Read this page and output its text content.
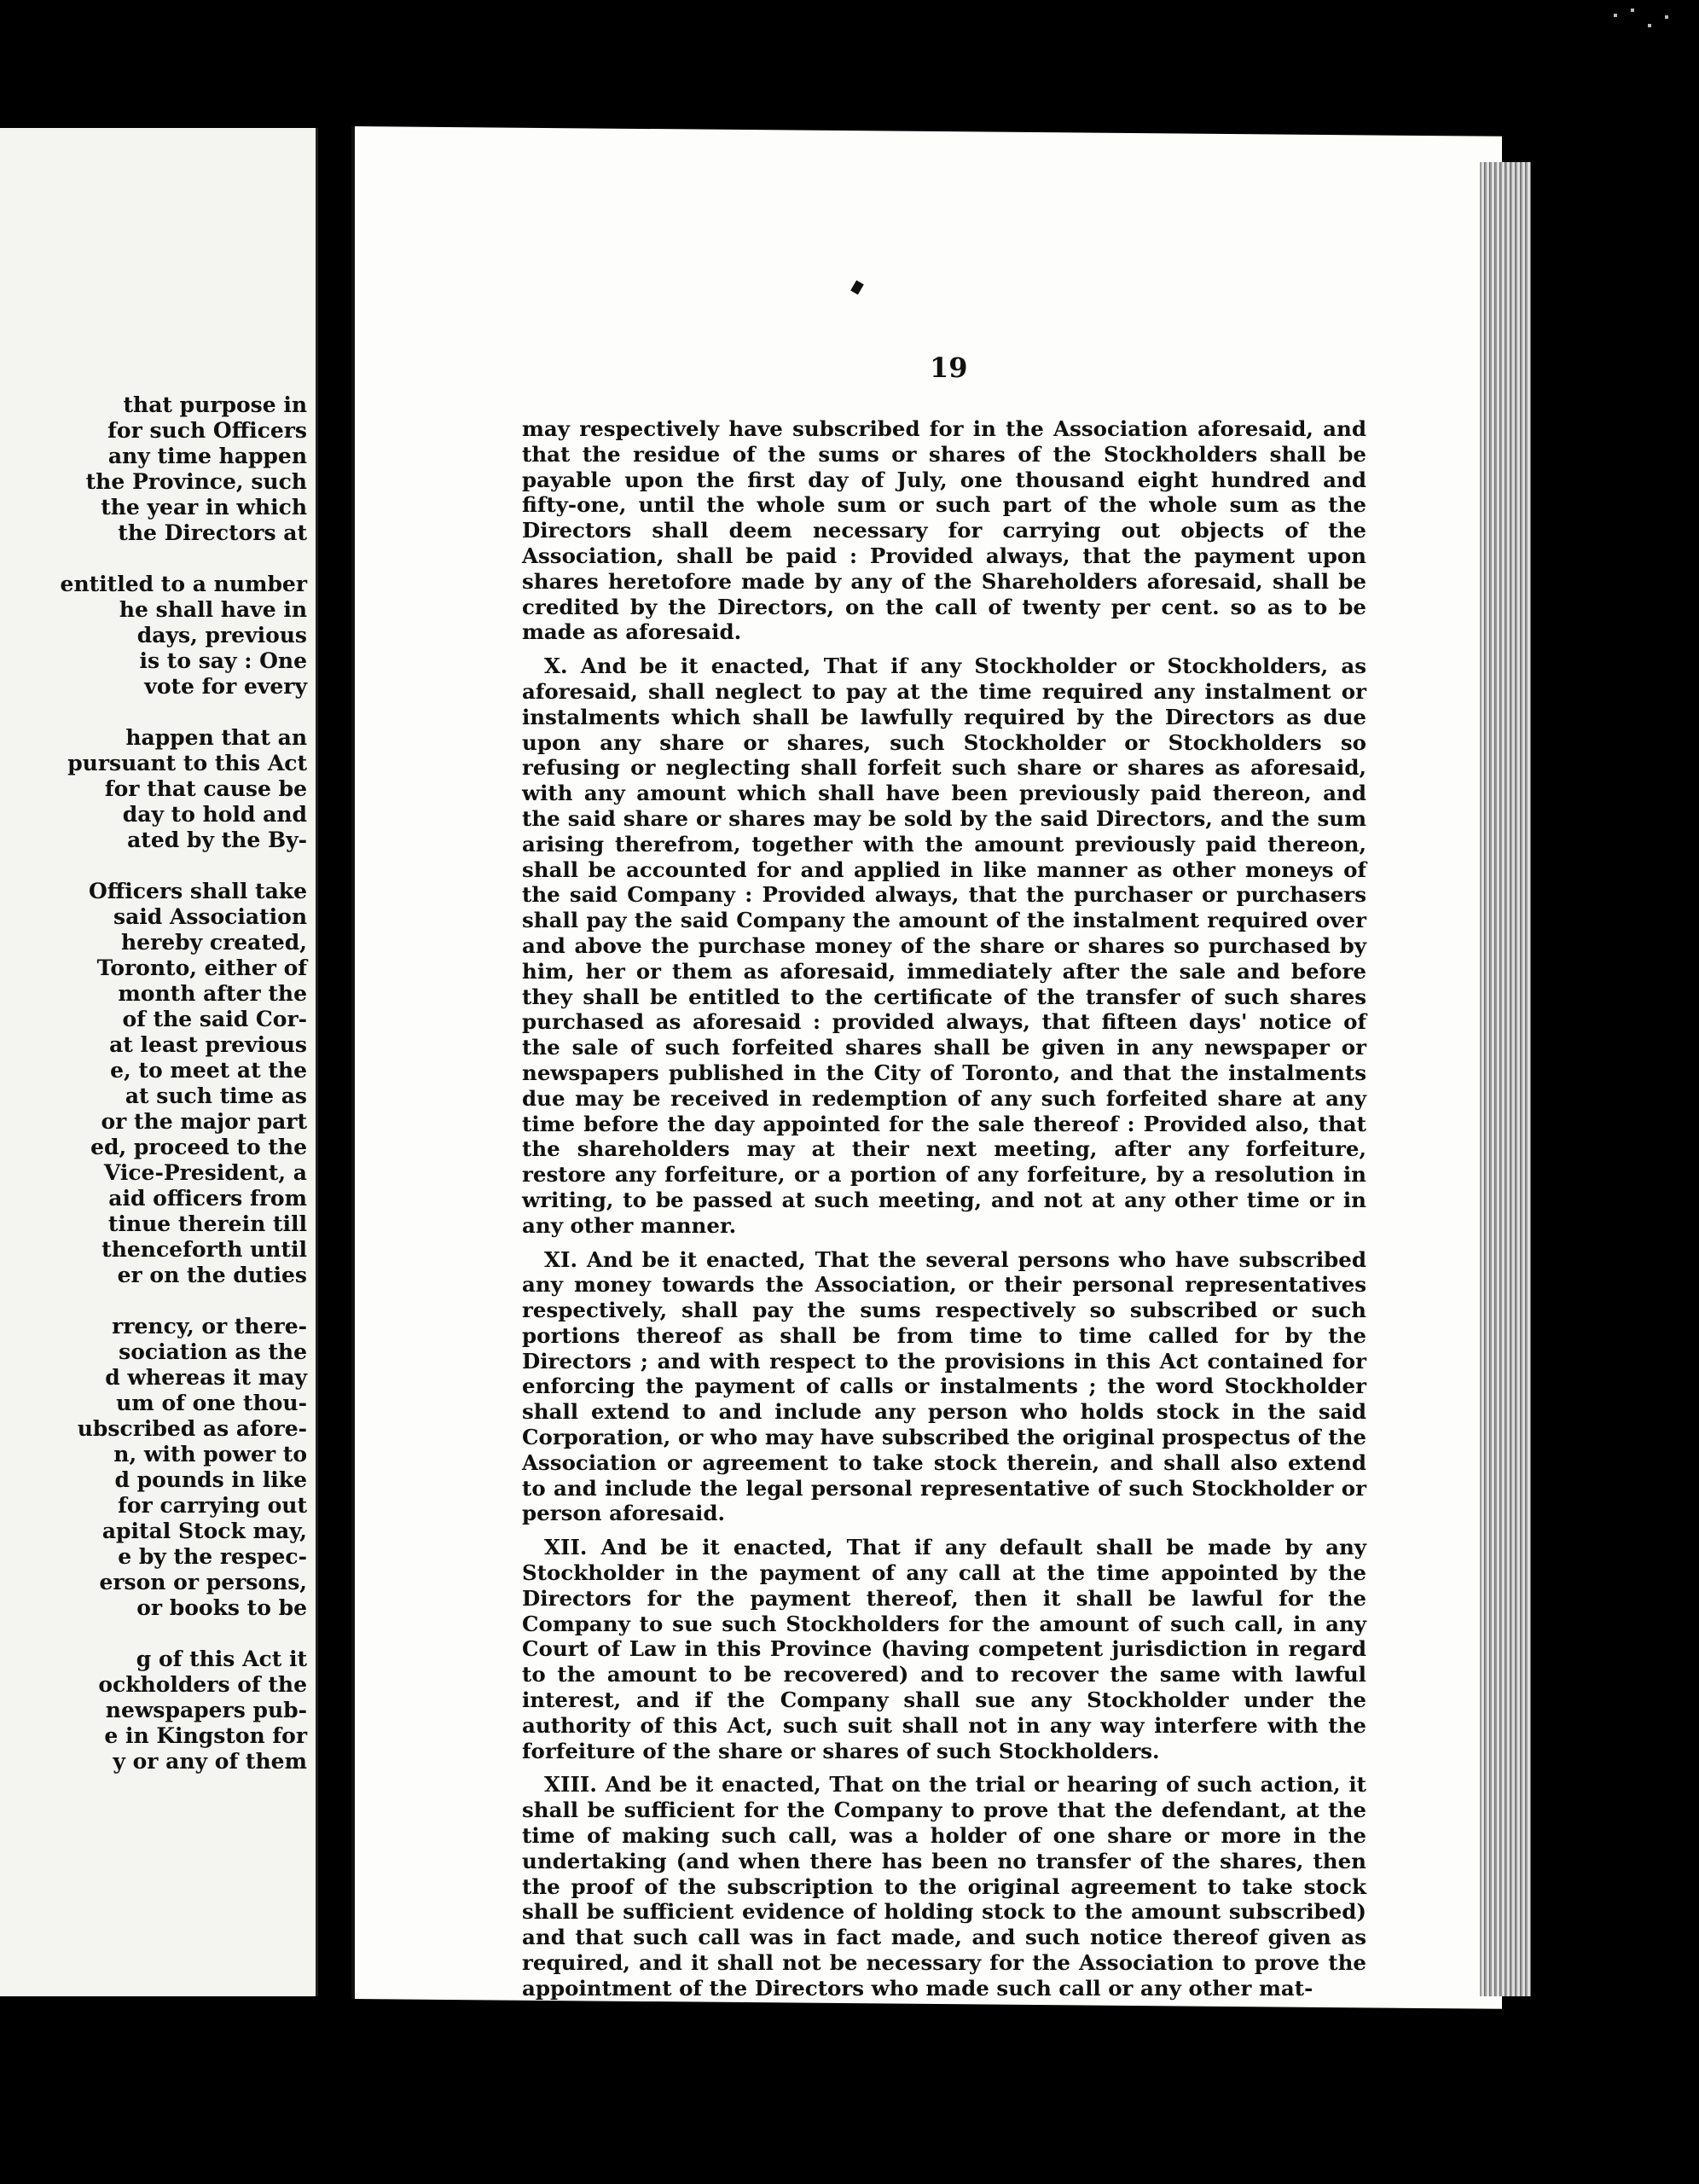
that purpose in
for such Officers
any time happen
the Province, such
the year in which
the Directors at
entitled to a number
he shall have in
days, previous
is to say : One
vote for every
happen that an
pursuant to this Act
for that cause be
day to hold and
ated by the By-
Officers shall take
said Association
hereby created,
Toronto, either of
month after the
of the said Cor-
at least previous
e, to meet at the
at such time as
or the major part
ed, proceed to the
Vice-President, a
aid officers from
tinue therein till
thenceforth until
er on the duties
rrency, or there-
sociation as the
d whereas it may
um of one thou-
ubscribed as afore-
n, with power to
d pounds in like
for carrying out
apital Stock may,
e by the respec-
erson or persons,
or books to be
g of this Act it
ockholders of the
newspapers pub-
e in Kingston for
y or any of them
19

may respectively have subscribed for in the Association aforesaid, and that the residue of the sums or shares of the Stockholders shall be payable upon the first day of July, one thousand eight hundred and fifty-one, until the whole sum or such part of the whole sum as the Directors shall deem necessary for carrying out objects of the Association, shall be paid : Provided always, that the payment upon shares heretofore made by any of the Shareholders aforesaid, shall be credited by the Directors, on the call of twenty per cent. so as to be made as aforesaid.

X. And be it enacted, That if any Stockholder or Stockholders, as aforesaid, shall neglect to pay at the time required any instalment or instalments which shall be lawfully required by the Directors as due upon any share or shares, such Stockholder or Stockholders so refusing or neglecting shall forfeit such share or shares as aforesaid, with any amount which shall have been previously paid thereon, and the said share or shares may be sold by the said Directors, and the sum arising therefrom, together with the amount previously paid thereon, shall be accounted for and applied in like manner as other moneys of the said Company : Provided always, that the purchaser or purchasers shall pay the said Company the amount of the instalment required over and above the purchase money of the share or shares so purchased by him, her or them as aforesaid, immediately after the sale and before they shall be entitled to the certificate of the transfer of such shares purchased as aforesaid : provided always, that fifteen days' notice of the sale of such forfeited shares shall be given in any newspaper or newspapers published in the City of Toronto, and that the instalments due may be received in redemption of any such forfeited share at any time before the day appointed for the sale thereof : Provided also, that the shareholders may at their next meeting, after any forfeiture, restore any forfeiture, or a portion of any forfeiture, by a resolution in writing, to be passed at such meeting, and not at any other time or in any other manner.

XI. And be it enacted, That the several persons who have subscribed any money towards the Association, or their personal representatives respectively, shall pay the sums respectively so subscribed or such portions thereof as shall be from time to time called for by the Directors ; and with respect to the provisions in this Act contained for enforcing the payment of calls or instalments ; the word Stockholder shall extend to and include any person who holds stock in the said Corporation, or who may have subscribed the original prospectus of the Association or agreement to take stock therein, and shall also extend to and include the legal personal representative of such Stockholder or person aforesaid.

XII. And be it enacted, That if any default shall be made by any Stockholder in the payment of any call at the time appointed by the Directors for the payment thereof, then it shall be lawful for the Company to sue such Stockholders for the amount of such call, in any Court of Law in this Province (having competent jurisdiction in regard to the amount to be recovered) and to recover the same with lawful interest, and if the Company shall sue any Stockholder under the authority of this Act, such suit shall not in any way interfere with the forfeiture of the share or shares of such Stockholders.

XIII. And be it enacted, That on the trial or hearing of such action, it shall be sufficient for the Company to prove that the defendant, at the time of making such call, was a holder of one share or more in the undertaking (and when there has been no transfer of the shares, then the proof of the subscription to the original agreement to take stock shall be sufficient evidence of holding stock to the amount subscribed) and that such call was in fact made, and such notice thereof given as required, and it shall not be necessary for the Association to prove the appointment of the Directors who made such call or any other mat-
